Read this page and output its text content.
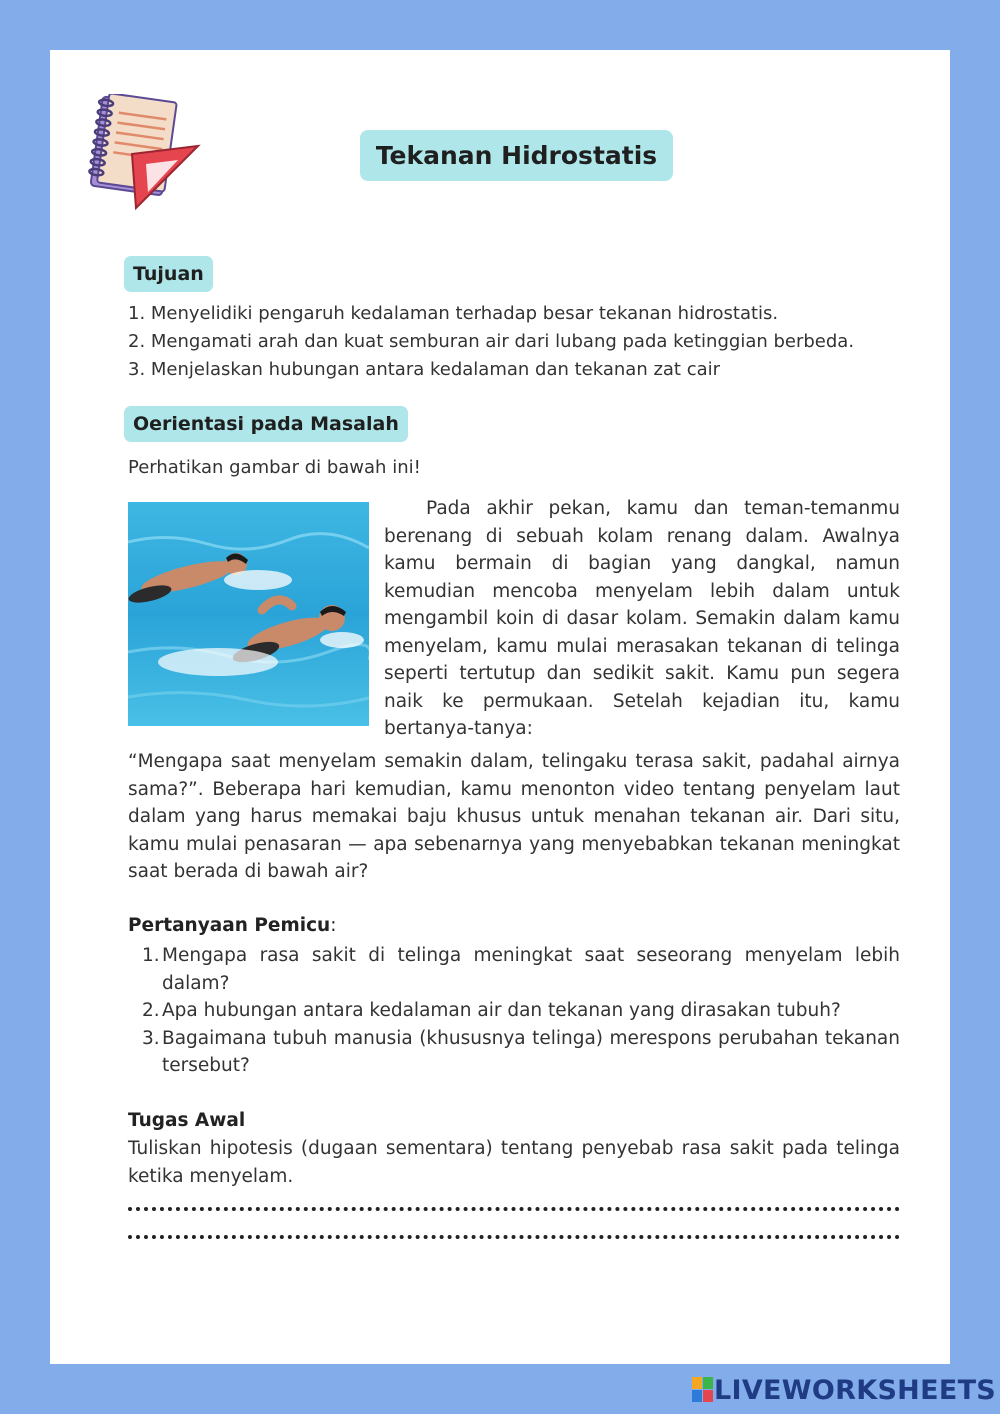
Tekanan Hidrostatis
Tujuan
1. Menyelidiki pengaruh kedalaman terhadap besar tekanan hidrostatis.
2. Mengamati arah dan kuat semburan air dari lubang pada ketinggian berbeda.
3. Menjelaskan hubungan antara kedalaman dan tekanan zat cair
Oerientasi pada Masalah
Perhatikan gambar di bawah ini!

Pada akhir pekan, kamu dan teman-temanmu berenang di sebuah kolam renang dalam. Awalnya kamu bermain di bagian yang dangkal, namun kemudian mencoba menyelam lebih dalam untuk mengambil koin di dasar kolam. Semakin dalam kamu menyelam, kamu mulai merasakan tekanan di telinga seperti tertutup dan sedikit sakit. Kamu pun segera naik ke permukaan. Setelah kejadian itu, kamu bertanya-tanya:

“Mengapa saat menyelam semakin dalam, telingaku terasa sakit, padahal airnya sama?”. Beberapa hari kemudian, kamu menonton video tentang penyelam laut dalam yang harus memakai baju khusus untuk menahan tekanan air. Dari situ, kamu mulai penasaran — apa sebenarnya yang menyebabkan tekanan meningkat saat berada di bawah air?

Pertanyaan Pemicu:
1. Mengapa rasa sakit di telinga meningkat saat seseorang menyelam lebih dalam?
2. Apa hubungan antara kedalaman air dan tekanan yang dirasakan tubuh?
3. Bagaimana tubuh manusia (khususnya telinga) merespons perubahan tekanan tersebut?
Tugas Awal

Tuliskan hipotesis (dugaan sementara) tentang penyebab rasa sakit pada telinga ketika menyelam.

LIVEWORKSHEETS
